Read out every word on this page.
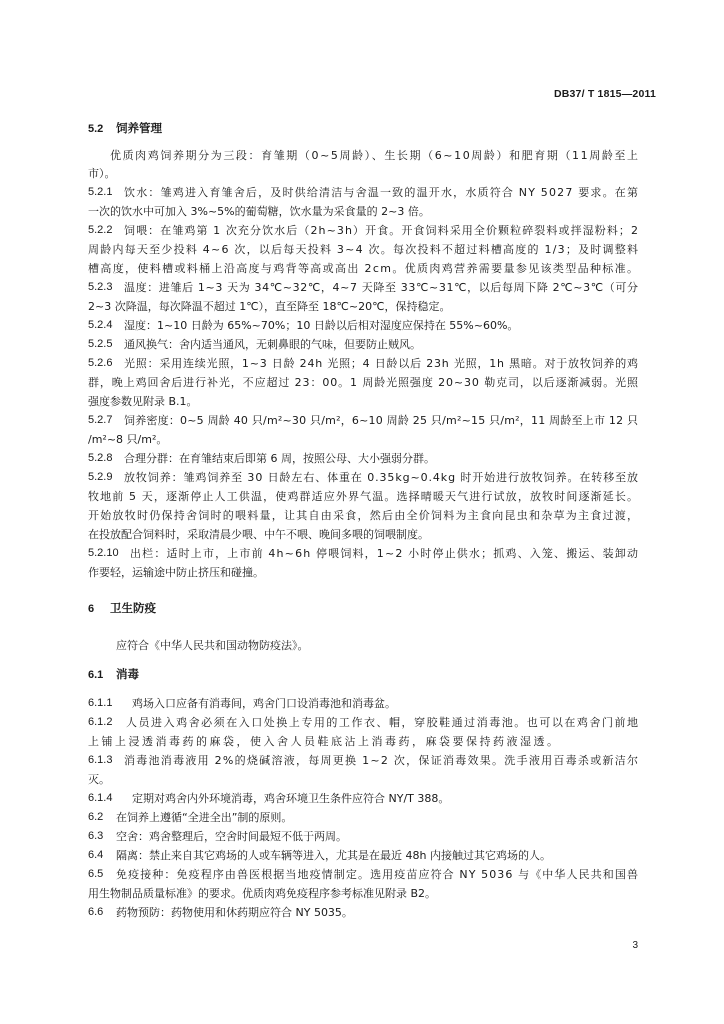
DB37/ T 1815—2011
5.2 饲养管理
优质肉鸡饲养期分为三段：育雏期（0~5周龄）、生长期（6~10周龄）和肥育期（11周龄至上
市）。
5.2.1 饮水：雏鸡进入育雏舍后，及时供给清洁与舍温一致的温开水，水质符合 NY 5027 要求。在第
一次的饮水中可加入 3%~5%的葡萄糖，饮水量为采食量的 2~3 倍。
5.2.2 饲喂：在雏鸡第 1 次充分饮水后（2h~3h）开食。开食饲料采用全价颗粒碎裂料或拌湿粉料；2
周龄内每天至少投料 4~6 次，以后每天投料 3~4 次。每次投料不超过料槽高度的 1/3；及时调整料
槽高度，使料槽或料桶上沿高度与鸡背等高或高出 2cm。优质肉鸡营养需要量参见该类型品种标准。
5.2.3 温度：进雏后 1~3 天为 34℃~32℃，4~7 天降至 33℃~31℃，以后每周下降 2℃~3℃（可分
2~3 次降温，每次降温不超过 1℃），直至降至 18℃~20℃，保持稳定。
5.2.4 湿度：1~10 日龄为 65%~70%；10 日龄以后相对湿度应保持在 55%~60%。
5.2.5 通风换气：舍内适当通风，无刺鼻眼的气味，但要防止贼风。
5.2.6 光照：采用连续光照，1~3 日龄 24h 光照；4 日龄以后 23h 光照，1h 黑暗。对于放牧饲养的鸡
群，晚上鸡回舍后进行补光，不应超过 23：00。1 周龄光照强度 20~30 勒克司，以后逐渐减弱。光照
强度参数见附录 B.1。
5.2.7 饲养密度：0~5 周龄 40 只/m²~30 只/m²，6~10 周龄 25 只/m²~15 只/m²，11 周龄至上市 12 只
/m²~8 只/m²。
5.2.8 合理分群：在育雏结束后即第 6 周，按照公母、大小强弱分群。
5.2.9 放牧饲养：雏鸡饲养至 30 日龄左右、体重在 0.35kg~0.4kg 时开始进行放牧饲养。在转移至放
牧地前 5 天，逐渐停止人工供温，使鸡群适应外界气温。选择晴暖天气进行试放，放牧时间逐渐延长。
开始放牧时仍保持舍饲时的喂料量，让其自由采食，然后由全价饲料为主食向昆虫和杂草为主食过渡，
在投放配合饲料时，采取清晨少喂、中午不喂、晚间多喂的饲喂制度。
5.2.10 出栏：适时上市，上市前 4h~6h 停喂饲料，1~2 小时停止供水；抓鸡、入笼、搬运、装卸动
作要轻，运输途中防止挤压和碰撞。
6 卫生防疫
应符合《中华人民共和国动物防疫法》。
6.1 消毒
6.1.1 鸡场入口应备有消毒间，鸡舍门口设消毒池和消毒盆。
6.1.2 人员进入鸡舍必须在入口处换上专用的工作衣、帽，穿胶鞋通过消毒池。也可以在鸡舍门前地
上铺上浸透消毒药的麻袋，使入舍人员鞋底沾上消毒药，麻袋要保持药液湿透。
6.1.3 消毒池消毒液用 2%的烧碱溶液，每周更换 1~2 次，保证消毒效果。洗手液用百毒杀或新洁尔
灭。
6.1.4 定期对鸡舍内外环境消毒，鸡舍环境卫生条件应符合 NY/T 388。
6.2 在饲养上遵循“全进全出”制的原则。
6.3 空舍：鸡舍整理后，空舍时间最短不低于两周。
6.4 隔离：禁止来自其它鸡场的人或车辆等进入，尤其是在最近 48h 内接触过其它鸡场的人。
6.5 免疫接种：免疫程序由兽医根据当地疫情制定。选用疫苗应符合 NY 5036 与《中华人民共和国兽
用生物制品质量标准》的要求。优质肉鸡免疫程序参考标准见附录 B2。
6.6 药物预防：药物使用和休药期应符合 NY 5035。
3
